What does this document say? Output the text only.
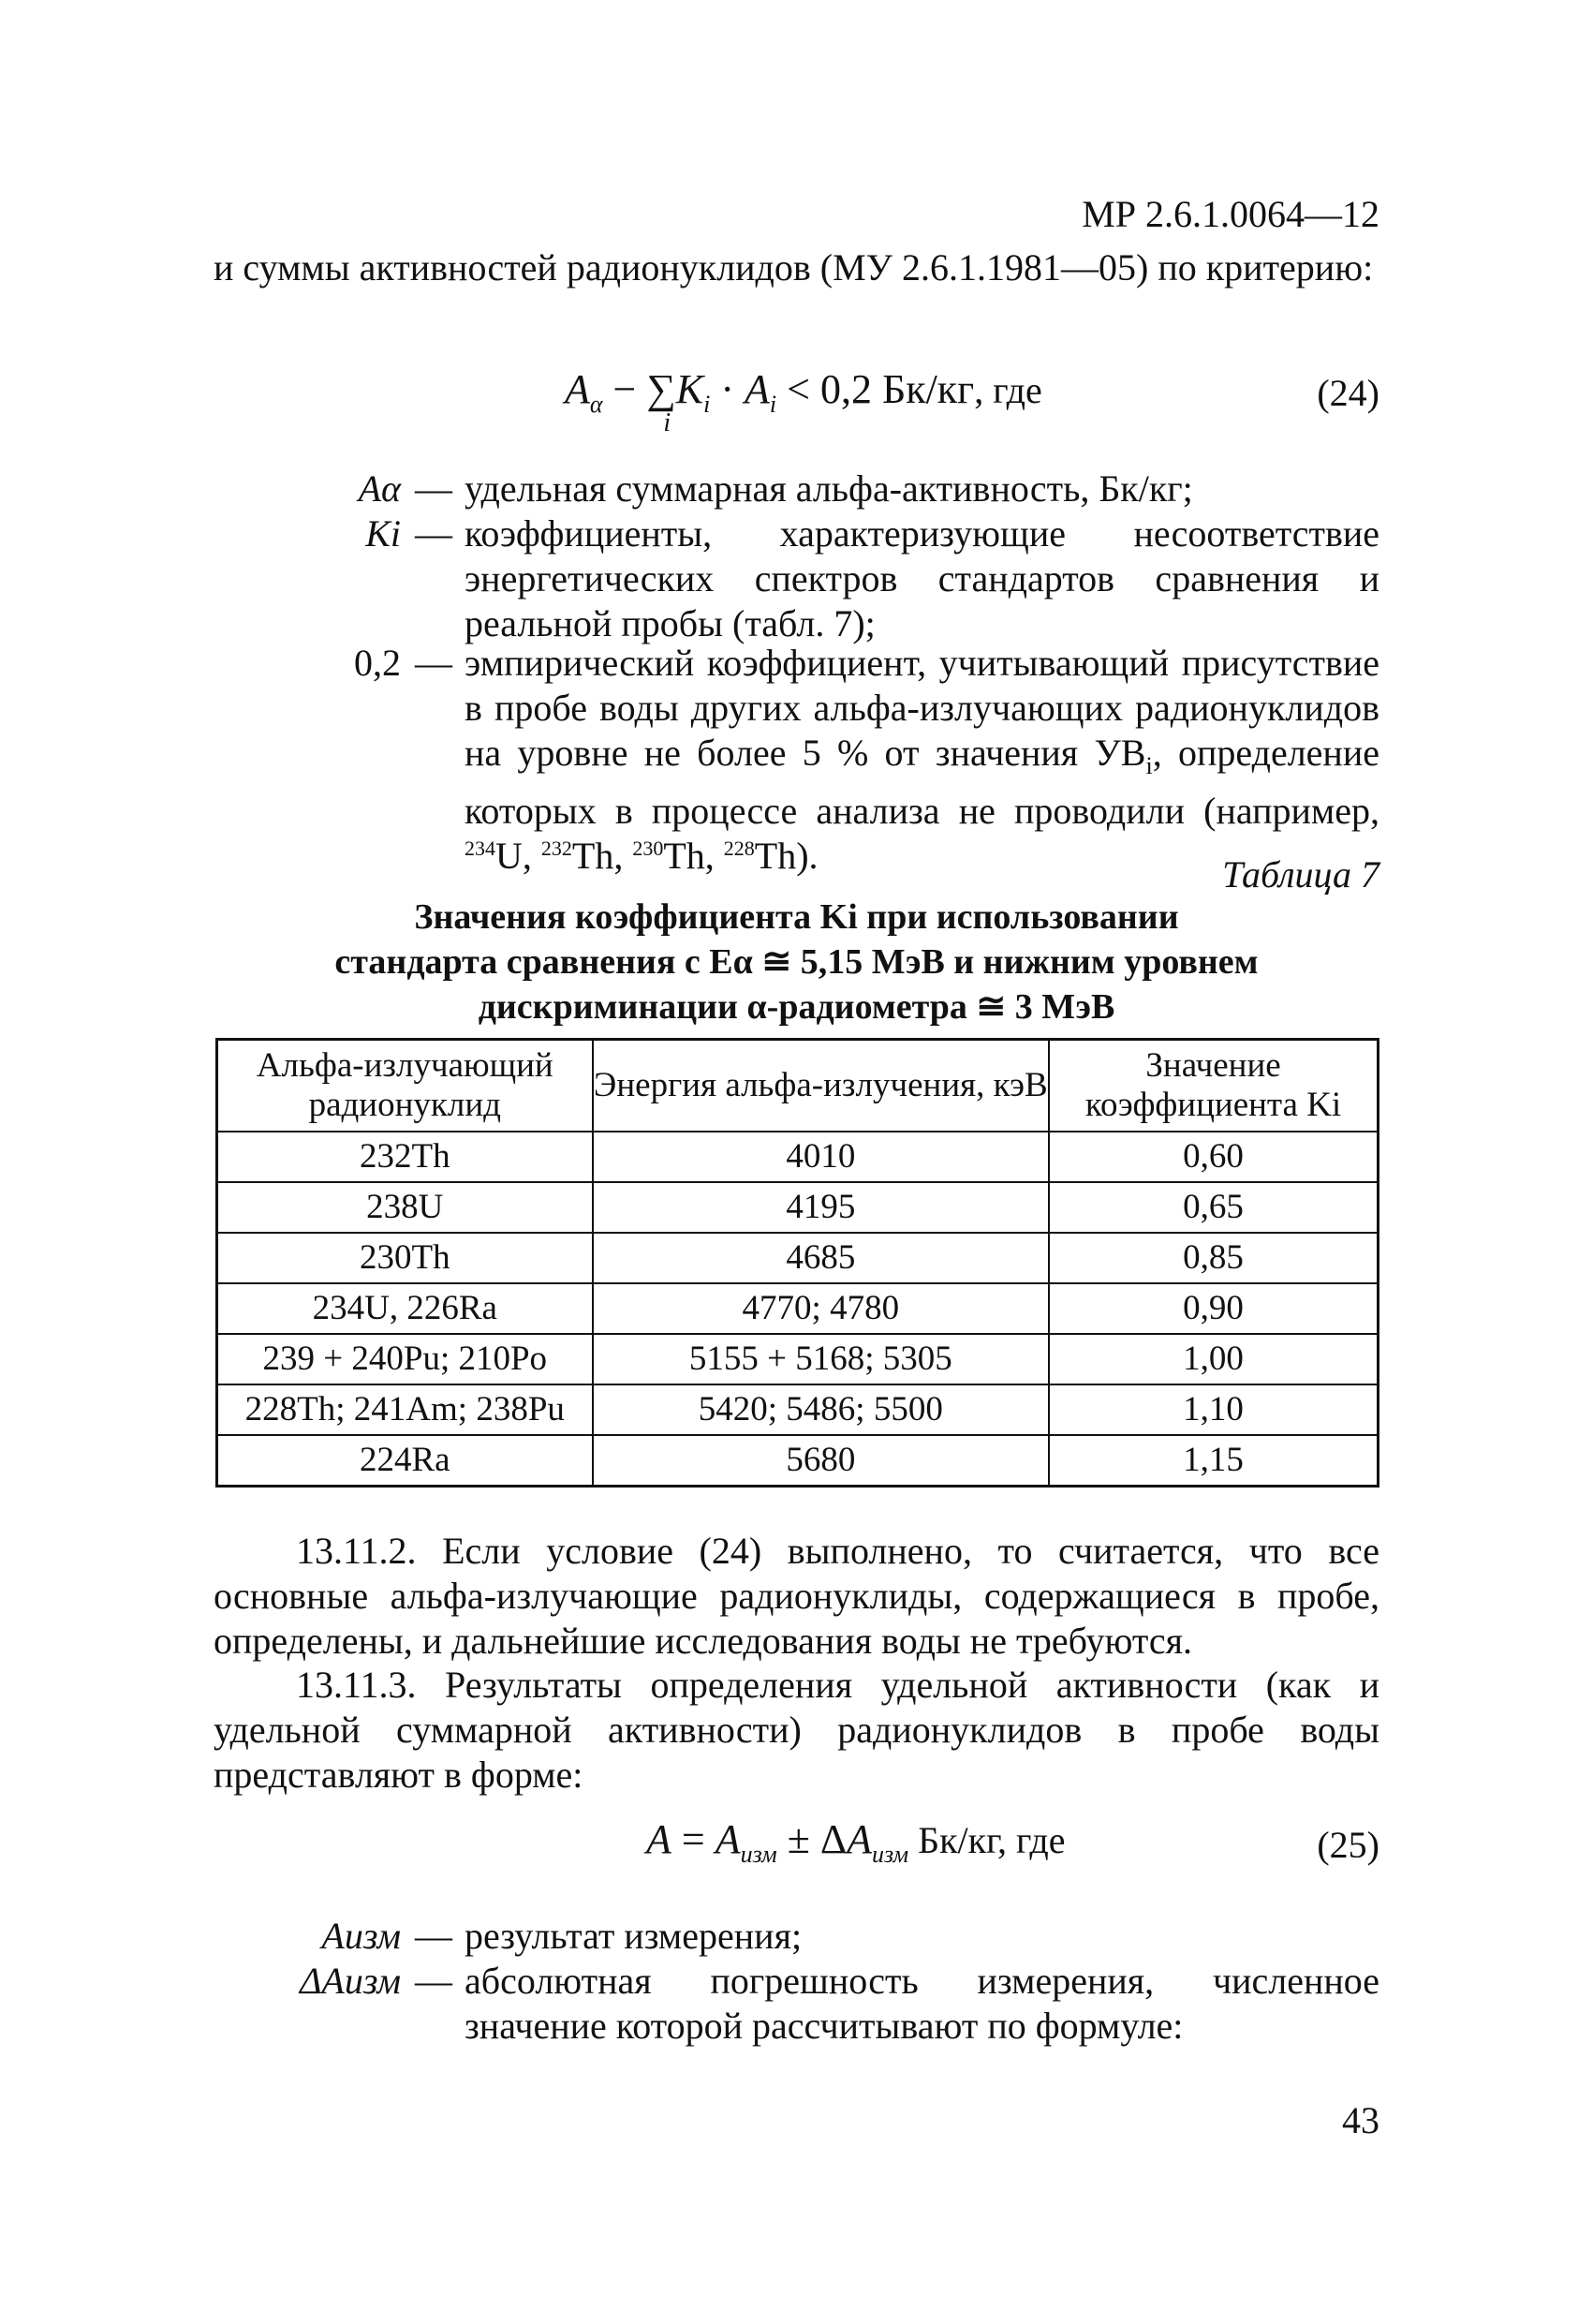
МР 2.6.1.0064—12
и суммы активностей радионуклидов (МУ 2.6.1.1981—05) по критерию:
$A_\alpha$ − ∑
i
$K_i \cdot A_i < 0,2$ Бк/кг, где	(24)
Aα — удельная суммарная альфа-активность, Бк/кг;
Ki — коэффициенты, характеризующие несоответствие энергетических спектров стандартов сравнения и реальной пробы (табл. 7);
0,2 — эмпирический коэффициент, учитывающий присутствие в пробе воды других альфа-излучающих радионуклидов на уровне не более 5 % от значения $УВ_i$, определение которых в процессе анализа не проводили (например, $^{234}$U, $^{232}$Th, $^{230}$Th, $^{228}$Th).	Таблица 7
Значения коэффициента Ki при использовании
стандарта сравнения с Eα ≅ 5,15 МэВ и нижним уровнем
дискриминации α-радиометра ≅ 3 МэВ
Альфа-излучающий радионуклид	Энергия альфа-излучения, кэВ	Значение коэффициента Ki
232Th	4010	0,60
238U	4195	0,65
230Th	4685	0,85
234U, 226Ra	4770; 4780	0,90
239 + 240Pu; 210Po	5155 + 5168; 5305	1,00
228Th; 241Am; 238Pu	5420; 5486; 5500	1,10
224Ra	5680	1,15
13.11.2. Если условие (24) выполнено, то считается, что все основные альфа-излучающие радионуклиды, содержащиеся в пробе, определены, и дальнейшие исследования воды не требуются.
13.11.3. Результаты определения удельной активности (как и удельной суммарной активности) радионуклидов в пробе воды представляют в форме:
$A = A_{изм} \pm \Delta A_{изм}$ Бк/кг, где	(25)
Aизм — результат измерения;
ΔAизм — абсолютная погрешность измерения, численное значение которой рассчитывают по формуле:
43
